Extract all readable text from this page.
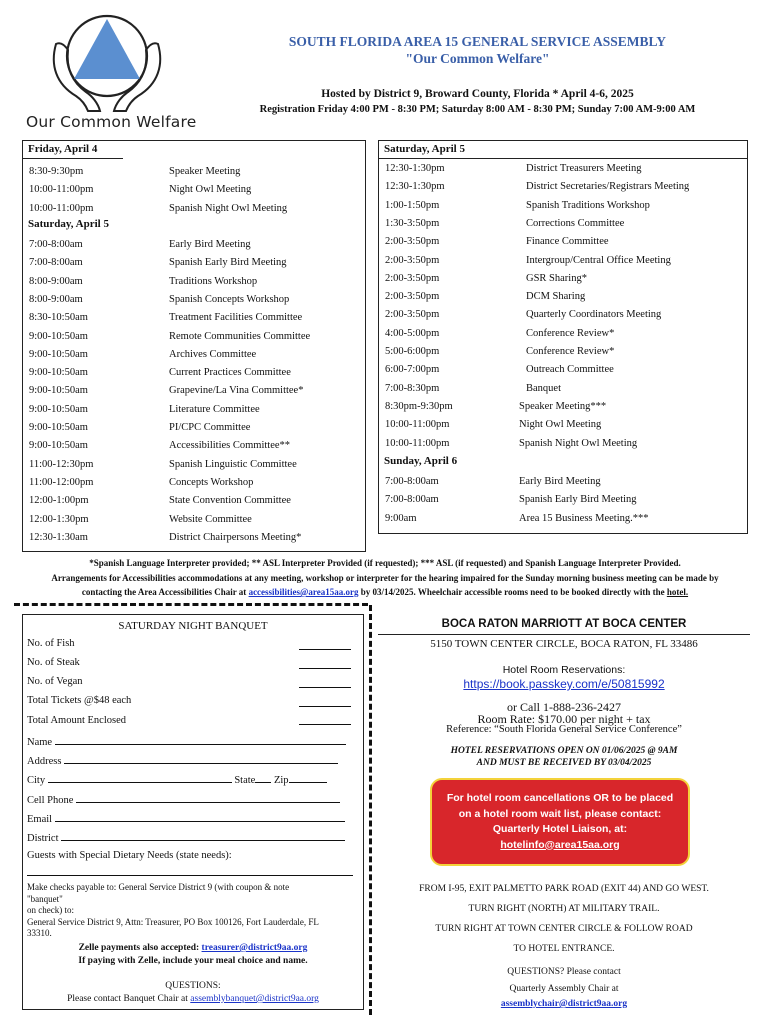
Our Common Welfare
SOUTH FLORIDA AREA 15 GENERAL SERVICE ASSEMBLY
"Our Common Welfare"
Hosted by District 9, Broward County, Florida * April 4-6, 2025
Registration Friday 4:00 PM - 8:30 PM; Saturday 8:00 AM - 8:30 PM; Sunday 7:00 AM-9:00 AM
Friday, April 4
8:30-9:30pm	Speaker Meeting
10:00-11:00pm	Night Owl Meeting
10:00-11:00pm	Spanish Night Owl Meeting
Saturday, April 5
7:00-8:00am	Early Bird Meeting
7:00-8:00am	Spanish Early Bird Meeting
8:00-9:00am	Traditions Workshop
8:00-9:00am	Spanish Concepts Workshop
8:30-10:50am	Treatment Facilities Committee
9:00-10:50am	Remote Communities Committee
9:00-10:50am	Archives Committee
9:00-10:50am	Current Practices Committee
9:00-10:50am	Grapevine/La Vina Committee*
9:00-10:50am	Literature Committee
9:00-10:50am	PI/CPC Committee
9:00-10:50am	Accessibilities Committee**
11:00-12:30pm	Spanish Linguistic Committee
11:00-12:00pm	Concepts Workshop
12:00-1:00pm	State Convention Committee
12:00-1:30pm	Website Committee
12:30-1:30am	District Chairpersons Meeting*
Saturday, April 5
12:30-1:30pm	District Treasurers Meeting
12:30-1:30pm	District Secretaries/Registrars Meeting
1:00-1:50pm	Spanish Traditions Workshop
1:30-3:50pm	Corrections Committee
2:00-3:50pm	Finance Committee
2:00-3:50pm	Intergroup/Central Office Meeting
2:00-3:50pm	GSR Sharing*
2:00-3:50pm	DCM Sharing
2:00-3:50pm	Quarterly Coordinators Meeting
4:00-5:00pm	Conference Review*
5:00-6:00pm	Conference Review*
6:00-7:00pm	Outreach Committee
7:00-8:30pm	Banquet
8:30pm-9:30pm	Speaker Meeting***
10:00-11:00pm	Night Owl Meeting
10:00-11:00pm	Spanish Night Owl Meeting
Sunday, April 6
7:00-8:00am	Early Bird Meeting
7:00-8:00am	Spanish Early Bird Meeting
9:00am	Area 15 Business Meeting.***
*Spanish Language Interpreter provided; ** ASL Interpreter Provided (if requested); *** ASL (if requested) and Spanish Language Interpreter Provided.
Arrangements for Accessibilities accommodations at any meeting, workshop or interpreter for the hearing impaired for the Sunday morning business meeting can be made by
contacting the Area Accessibilities Chair at accessibilities@area15aa.org by 03/14/2025. Wheelchair accessible rooms need to be booked directly with the hotel.
SATURDAY NIGHT BANQUET
No. of Fish
No. of Steak
No. of Vegan
Total Tickets @$48 each
Total Amount Enclosed
Name
Address
City	State Zip
Cell Phone
Email
District
Guests with Special Dietary Needs (state needs):
Make checks payable to: General Service District 9 (with coupon & note
"banquet"
on check) to:
General Service District 9, Attn: Treasurer, PO Box 100126, Fort Lauderdale, FL
33310.
Zelle payments also accepted: treasurer@district9aa.org
If paying with Zelle, include your meal choice and name.
QUESTIONS:
Please contact Banquet Chair at assemblybanquet@district9aa.org
BOCA RATON MARRIOTT AT BOCA CENTER
5150 TOWN CENTER CIRCLE, BOCA RATON, FL 33486
Hotel Room Reservations:
https://book.passkey.com/e/50815992
or Call 1-888-236-2427
Room Rate: $170.00 per night + tax
Reference: “South Florida General Service Conference”
HOTEL RESERVATIONS OPEN ON 01/06/2025 @ 9AM
AND MUST BE RECEIVED BY 03/04/2025
For hotel room cancellations OR to be placed
on a hotel room wait list, please contact:
Quarterly Hotel Liaison, at:
hotelinfo@area15aa.org
FROM I-95, EXIT PALMETTO PARK ROAD (EXIT 44) AND GO WEST.
TURN RIGHT (NORTH) AT MILITARY TRAIL.
TURN RIGHT AT TOWN CENTER CIRCLE & FOLLOW ROAD
TO HOTEL ENTRANCE.
QUESTIONS? Please contact
Quarterly Assembly Chair at
assemblychair@district9aa.org
